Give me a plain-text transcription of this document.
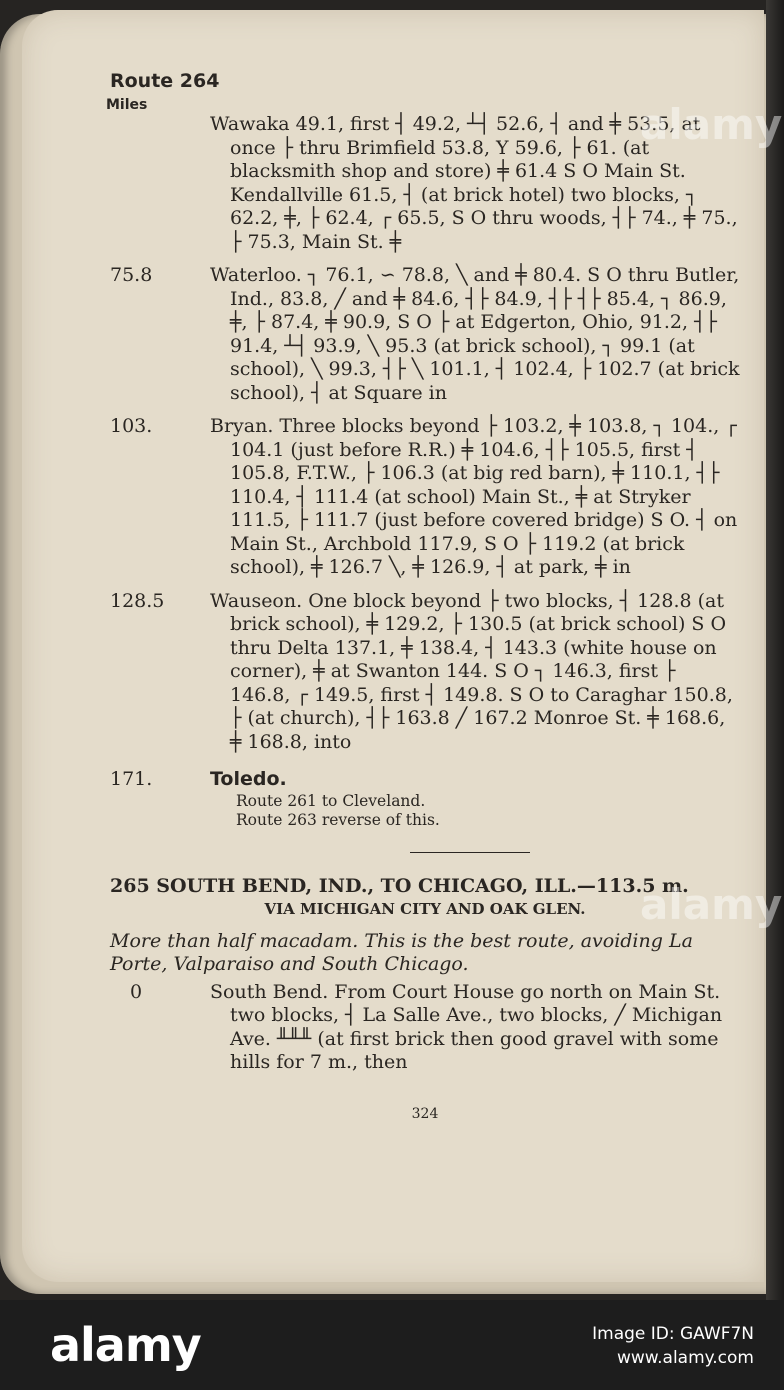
Route 264
Miles

Wawaka 49.1, first ┤ 49.2, ┴┤ 52.6, ┤ and ╪ 53.5, at once ├ thru Brimfield 53.8, Y 59.6, ├ 61. (at blacksmith shop and store) ╪ 61.4 S O Main St. Kendallville 61.5, ┤ (at brick hotel) two blocks, ┐ 62.2, ╪, ├ 62.4, ┌ 65.5, S O thru woods, ┤├ 74., ╪ 75., ├ 75.3, Main St. ╪

75.8	Waterloo. ┐ 76.1, ∽ 78.8, ╲ and ╪ 80.4. S O thru Butler, Ind., 83.8, ╱ and ╪ 84.6, ┤├ 84.9, ┤├ ┤├ 85.4, ┐ 86.9, ╪, ├ 87.4, ╪ 90.9, S O ├ at Edgerton, Ohio, 91.2, ┤├ 91.4, ┴┤ 93.9, ╲ 95.3 (at brick school), ┐ 99.1 (at school), ╲ 99.3, ┤├ ╲ 101.1, ┤ 102.4, ├ 102.7 (at brick school), ┤ at Square in

103.	Bryan. Three blocks beyond ├ 103.2, ╪ 103.8, ┐ 104., ┌ 104.1 (just before R.R.) ╪ 104.6, ┤├ 105.5, first ┤ 105.8, F.T.W., ├ 106.3 (at big red barn), ╪ 110.1, ┤├ 110.4, ┤ 111.4 (at school) Main St., ╪ at Stryker 111.5, ├ 111.7 (just before covered bridge) S O. ┤ on Main St., Archbold 117.9, S O ├ 119.2 (at brick school), ╪ 126.7 ╲, ╪ 126.9, ┤ at park, ╪ in

128.5	Wauseon. One block beyond ├ two blocks, ┤ 128.8 (at brick school), ╪ 129.2, ├ 130.5 (at brick school) S O thru Delta 137.1, ╪ 138.4, ┤ 143.3 (white house on corner), ╪ at Swanton 144. S O ┐ 146.3, first ├ 146.8, ┌ 149.5, first ┤ 149.8. S O to Caraghar 150.8, ├ (at church), ┤├ 163.8 ╱ 167.2 Monroe St. ╪ 168.6, ╪ 168.8, into

171.	Toledo.

Route 261 to Cleveland.

Route 263 reverse of this.

265 SOUTH BEND, IND., TO CHICAGO, ILL.—113.5 m.
VIA MICHIGAN CITY AND OAK GLEN.

More than half macadam. This is the best route, avoiding La Porte, Valparaiso and South Chicago.

0	South Bend. From Court House go north on Main St. two blocks, ┤ La Salle Ave., two blocks, ╱ Michigan Ave. ╨╨╨ (at first brick then good gravel with some hills for 7 m., then

324
alamy
alamy
alamy	Image ID: GAWF7N
www.alamy.com
